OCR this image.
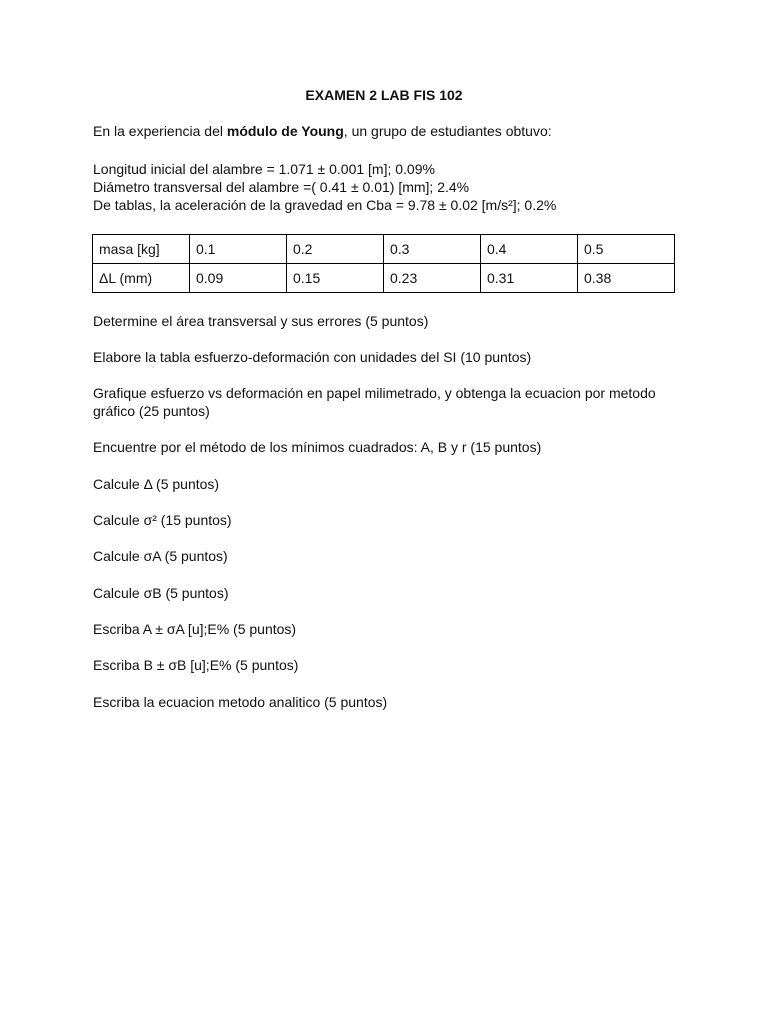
EXAMEN 2 LAB FIS 102
En la experiencia del módulo de Young, un grupo de estudiantes obtuvo:
Longitud inicial del alambre = 1.071 ± 0.001 [m]; 0.09%
Diámetro transversal del alambre =( 0.41 ± 0.01) [mm]; 2.4%
De tablas, la aceleración de la gravedad en Cba = 9.78 ± 0.02 [m/s²]; 0.2%
masa [kg]	0.1	0.2	0.3	0.4	0.5
ΔL (mm)	0.09	0.15	0.23	0.31	0.38

Determine el área transversal y sus errores (5 puntos)

Elabore la tabla esfuerzo-deformación con unidades del SI (10 puntos)

Grafique esfuerzo vs deformación en papel milimetrado, y obtenga la ecuacion por metodo gráfico (25 puntos)

Encuentre por el método de los mínimos cuadrados: A, B y r (15 puntos)

Calcule Δ (5 puntos)

Calcule σ² (15 puntos)

Calcule σA (5 puntos)

Calcule σB (5 puntos)

Escriba A ± σA [u];E% (5 puntos)

Escriba B ± σB [u];E% (5 puntos)

Escriba la ecuacion metodo analitico (5 puntos)
